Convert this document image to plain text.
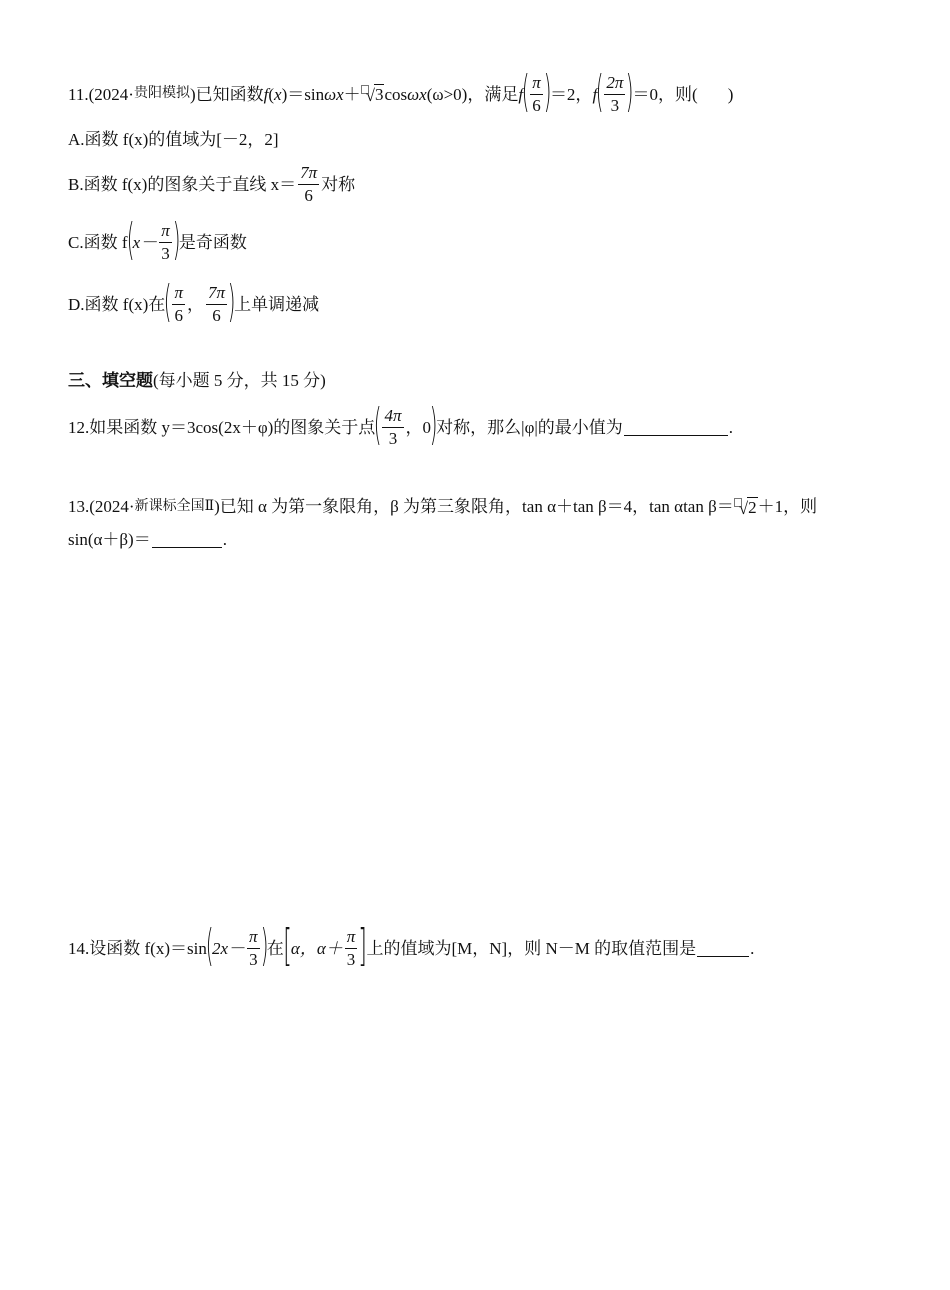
11.(2024· 贵阳模拟 )已知函数 f ( x )＝sin ω x ＋ √ 3 cos ω x (ω>0)，满足 f
( $\frac{\pi}{6}$ )
＝2， f
( $\frac{2\pi}{3}$ )
＝0，则( )
A.函数 f(x)的值域为[－2，2]
B.函数 f(x)的图象关于直线 $x= \frac{7\pi}{6}$ 对称
C.函数 f
(
$x- \frac{\pi}{3}$ )
是奇函数
D.函数 f(x)在
( $\frac{\pi}{6}$ ， $\frac{7\pi}{6}$ )
上单调递减
三、填空题 (每小题 5 分，共 15 分)
12.如果函数 y＝3cos(2x＋φ)的图象关于点
( $\frac{4\pi}{3}$ ，0
)
对称，那么|φ|的最小值为	.
13.(2024· 新课标全国Ⅱ )已知 α 为第一象限角，β 为第三象限角，tan α＋tan β＝4，tan αtan β＝ √ 2 ＋1，则
sin(α＋β)＝	.
14.设函数 f(x)＝sin
(
$2x- \frac{\pi}{3}$ )
在 [ α，$\alpha+ \frac{\pi}{3}$ ] 上的值域为[M，N]，则 N－M 的取值范围是	.
